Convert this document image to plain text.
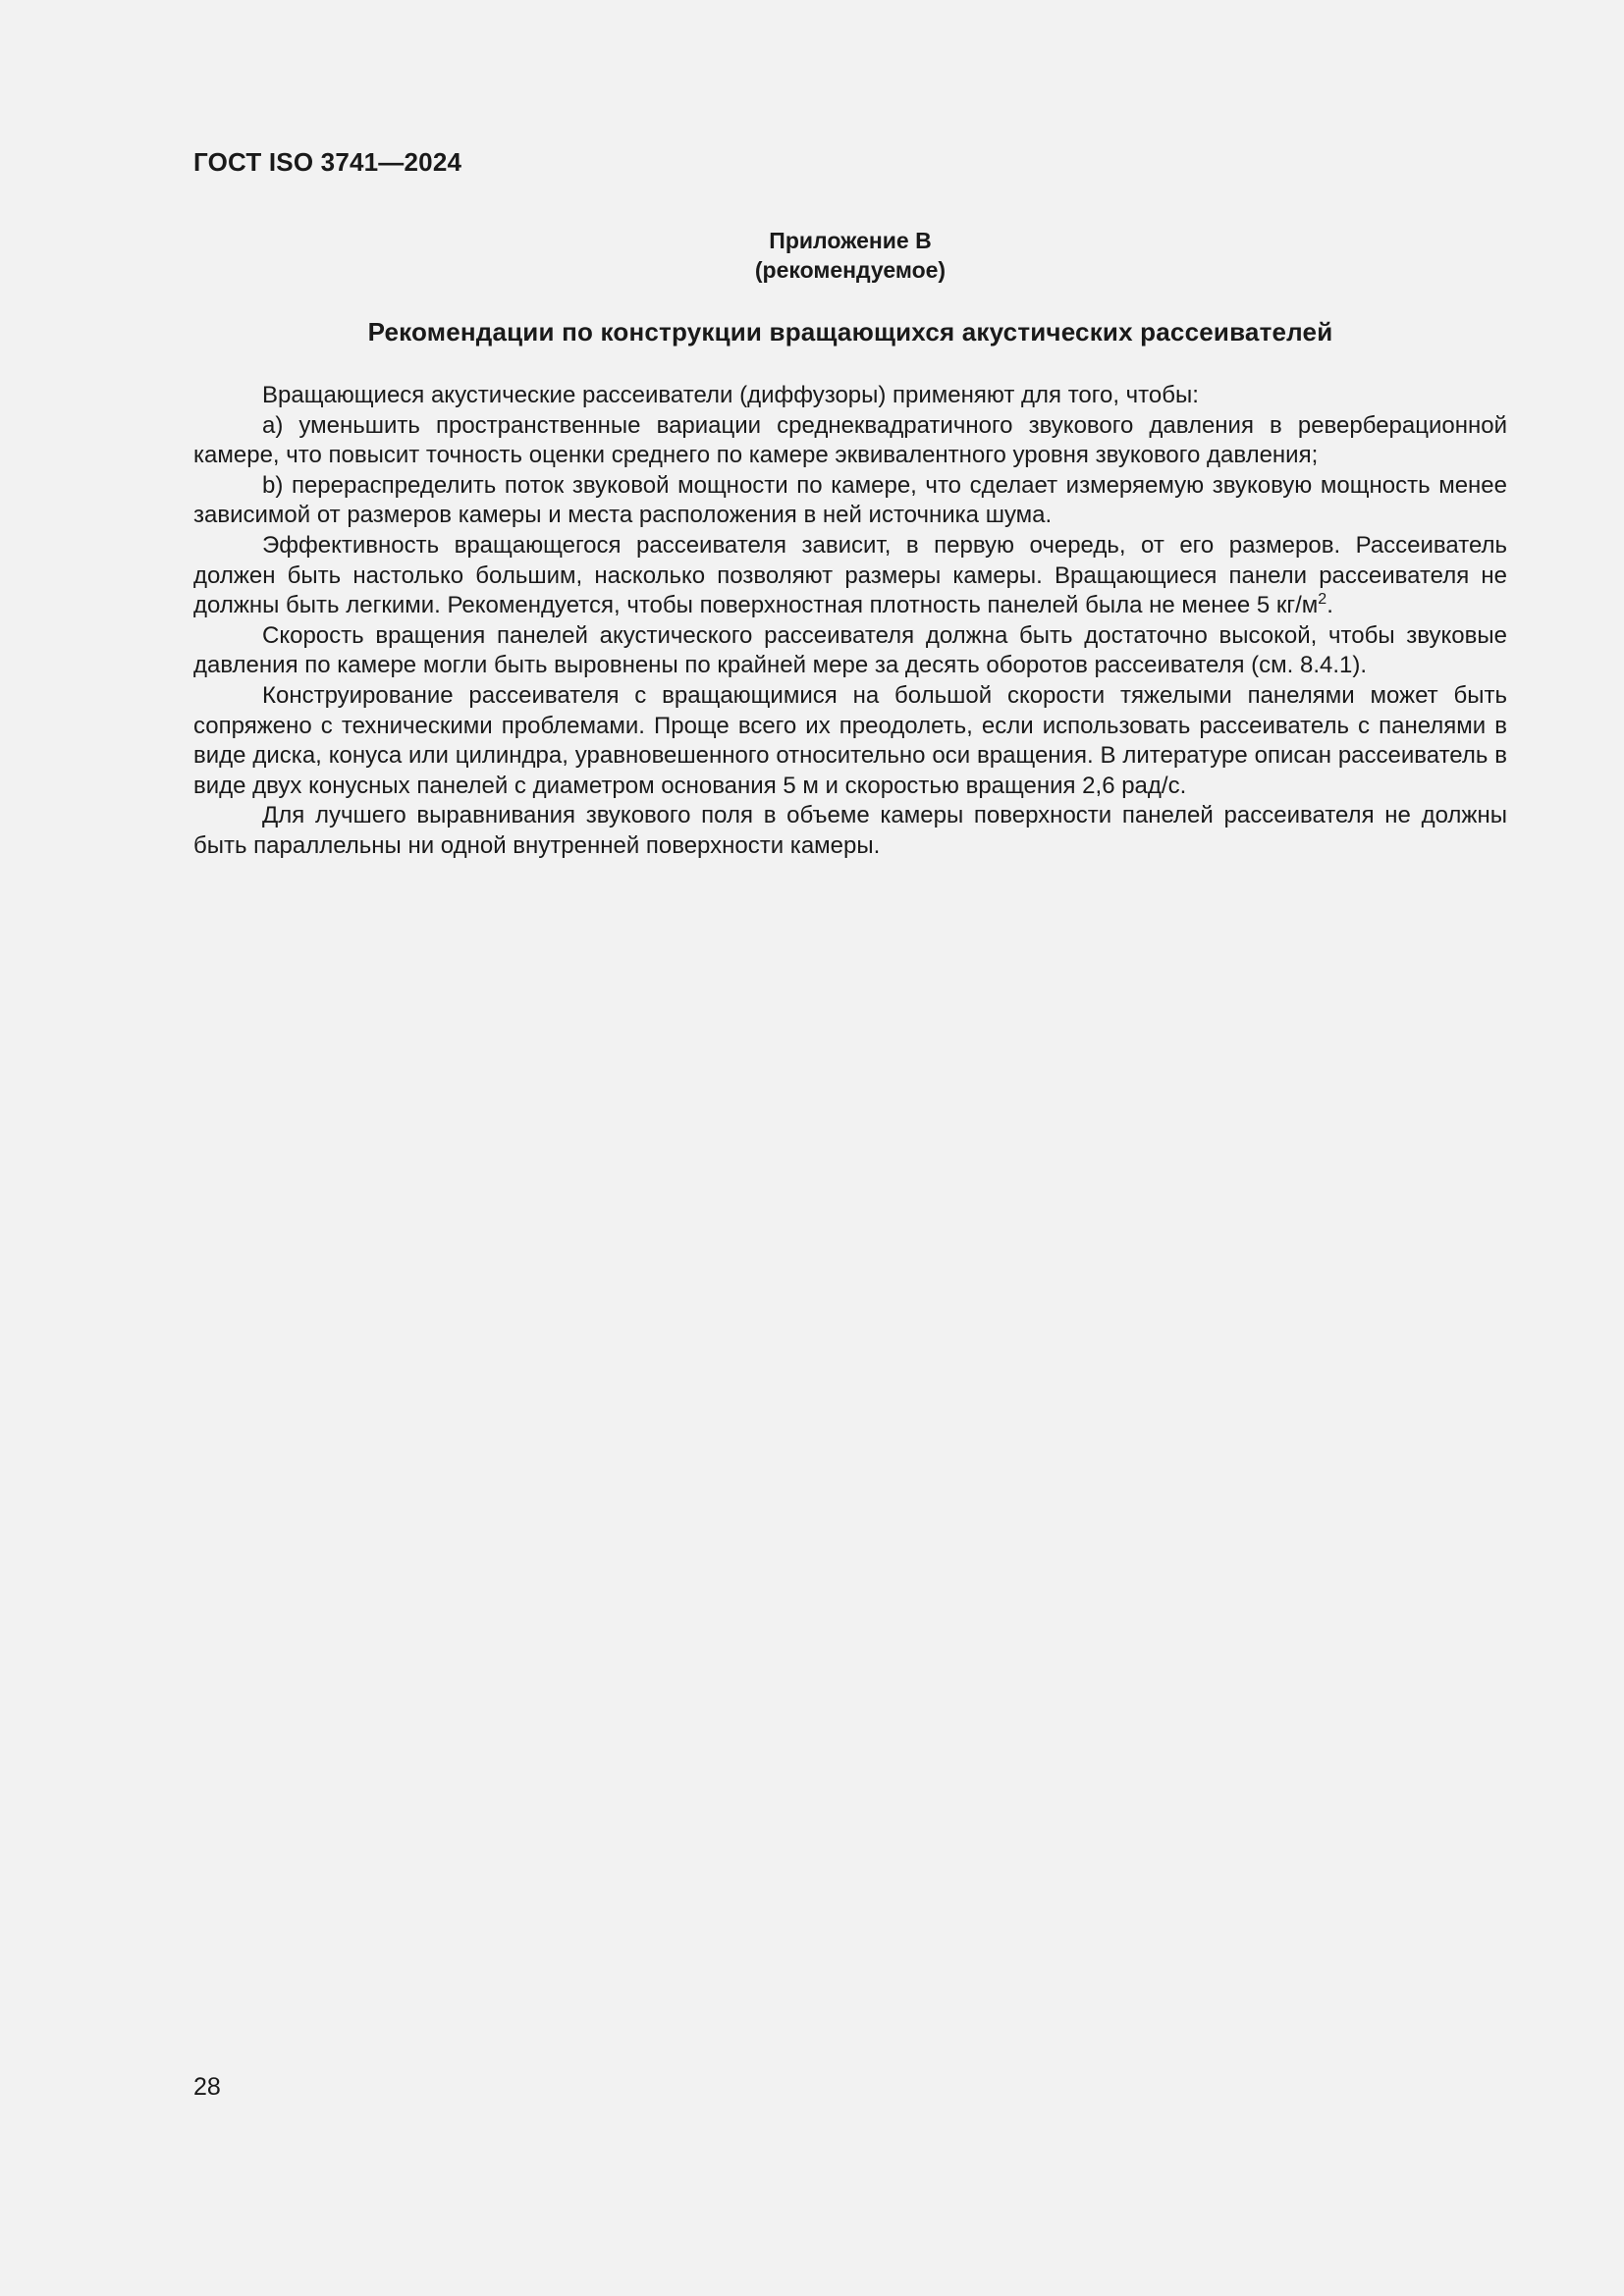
ГОСТ ISO 3741—2024
Приложение В
(рекомендуемое)
Рекомендации по конструкции вращающихся акустических рассеивателей

Вращающиеся акустические рассеиватели (диффузоры) применяют для того, чтобы:

а) уменьшить пространственные вариации среднеквадратичного звукового давления в реверберационной камере, что повысит точность оценки среднего по камере эквивалентного уровня звукового давления;

b) перераспределить поток звуковой мощности по камере, что сделает измеряемую звуковую мощность менее зависимой от размеров камеры и места расположения в ней источника шума.

Эффективность вращающегося рассеивателя зависит, в первую очередь, от его размеров. Рассеиватель должен быть настолько большим, насколько позволяют размеры камеры. Вращающиеся панели рассеивателя не должны быть легкими. Рекомендуется, чтобы поверхностная плотность панелей была не менее 5 $кг/м^2$.

Скорость вращения панелей акустического рассеивателя должна быть достаточно высокой, чтобы звуковые давления по камере могли быть выровнены по крайней мере за десять оборотов рассеивателя (см. 8.4.1).

Конструирование рассеивателя с вращающимися на большой скорости тяжелыми панелями может быть сопряжено с техническими проблемами. Проще всего их преодолеть, если использовать рассеиватель с панелями в виде диска, конуса или цилиндра, уравновешенного относительно оси вращения. В литературе описан рассеиватель в виде двух конусных панелей с диаметром основания 5 м и скоростью вращения 2,6 рад/с.

Для лучшего выравнивания звукового поля в объеме камеры поверхности панелей рассеивателя не должны быть параллельны ни одной внутренней поверхности камеры.

28
